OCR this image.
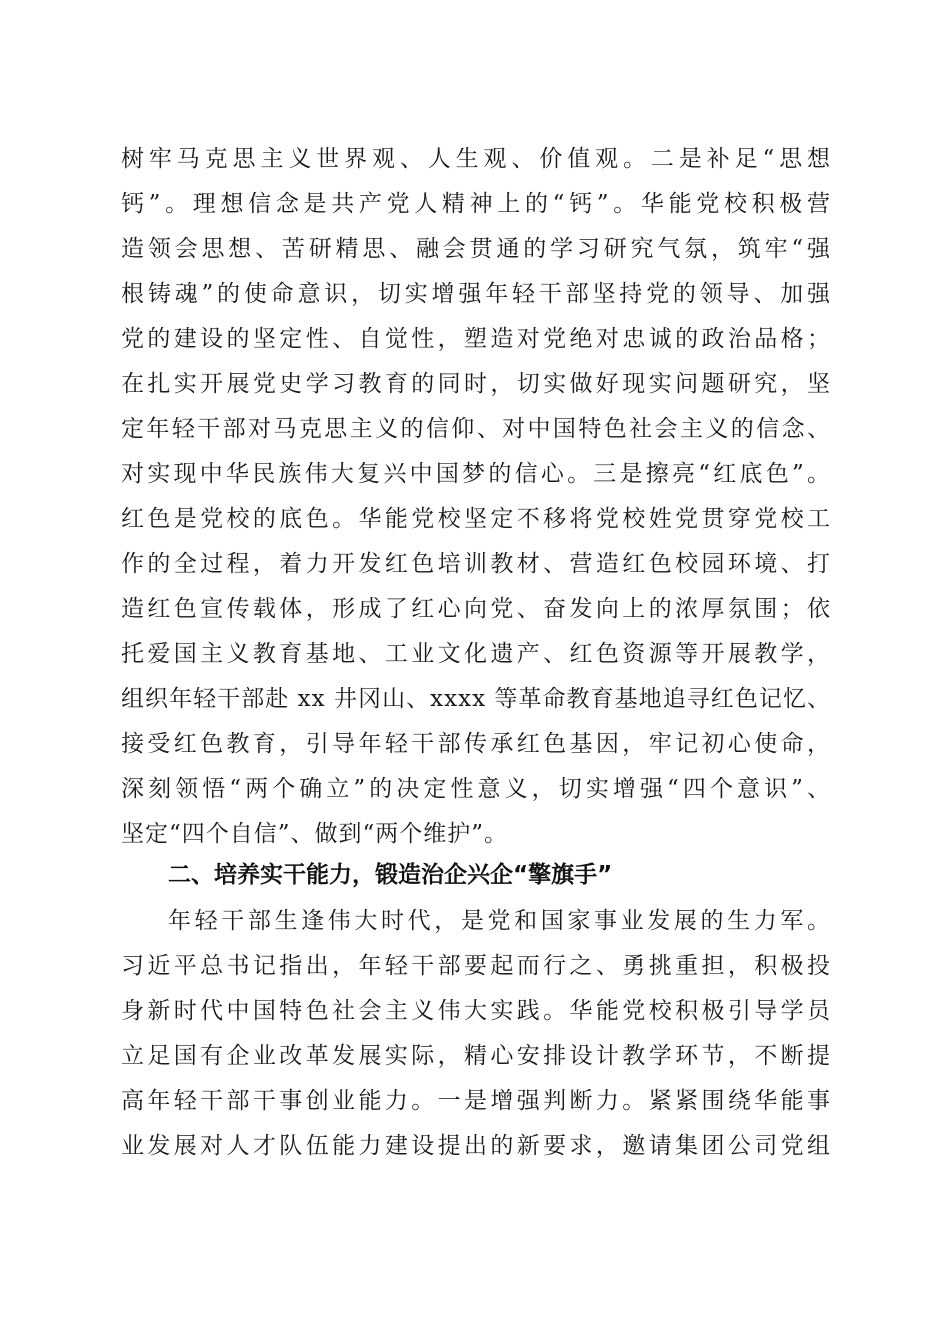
树牢马克思主义世界观、人生观、价值观。二是补足“思想
钙”。理想信念是共产党人精神上的“钙”。华能党校积极营
造领会思想、苦研精思、融会贯通的学习研究气氛，筑牢“强
根铸魂”的使命意识，切实增强年轻干部坚持党的领导、加强
党的建设的坚定性、自觉性，塑造对党绝对忠诚的政治品格；
在扎实开展党史学习教育的同时，切实做好现实问题研究，坚
定年轻干部对马克思主义的信仰、对中国特色社会主义的信念、
对实现中华民族伟大复兴中国梦的信心。三是擦亮“红底色”。
红色是党校的底色。华能党校坚定不移将党校姓党贯穿党校工
作的全过程，着力开发红色培训教材、营造红色校园环境、打
造红色宣传载体，形成了红心向党、奋发向上的浓厚氛围；依
托爱国主义教育基地、工业文化遗产、红色资源等开展教学，
组织年轻干部赴 xx 井冈山、xxxx 等革命教育基地追寻红色记忆、
接受红色教育，引导年轻干部传承红色基因，牢记初心使命，
深刻领悟“两个确立”的决定性意义，切实增强“四个意识”、
坚定“四个自信”、做到“两个维护”。
二、培养实干能力，锻造治企兴企“擎旗手”
年轻干部生逢伟大时代，是党和国家事业发展的生力军。
习近平总书记指出，年轻干部要起而行之、勇挑重担，积极投
身新时代中国特色社会主义伟大实践。华能党校积极引导学员
立足国有企业改革发展实际，精心安排设计教学环节，不断提
高年轻干部干事创业能力。一是增强判断力。紧紧围绕华能事
业发展对人才队伍能力建设提出的新要求，邀请集团公司党组
